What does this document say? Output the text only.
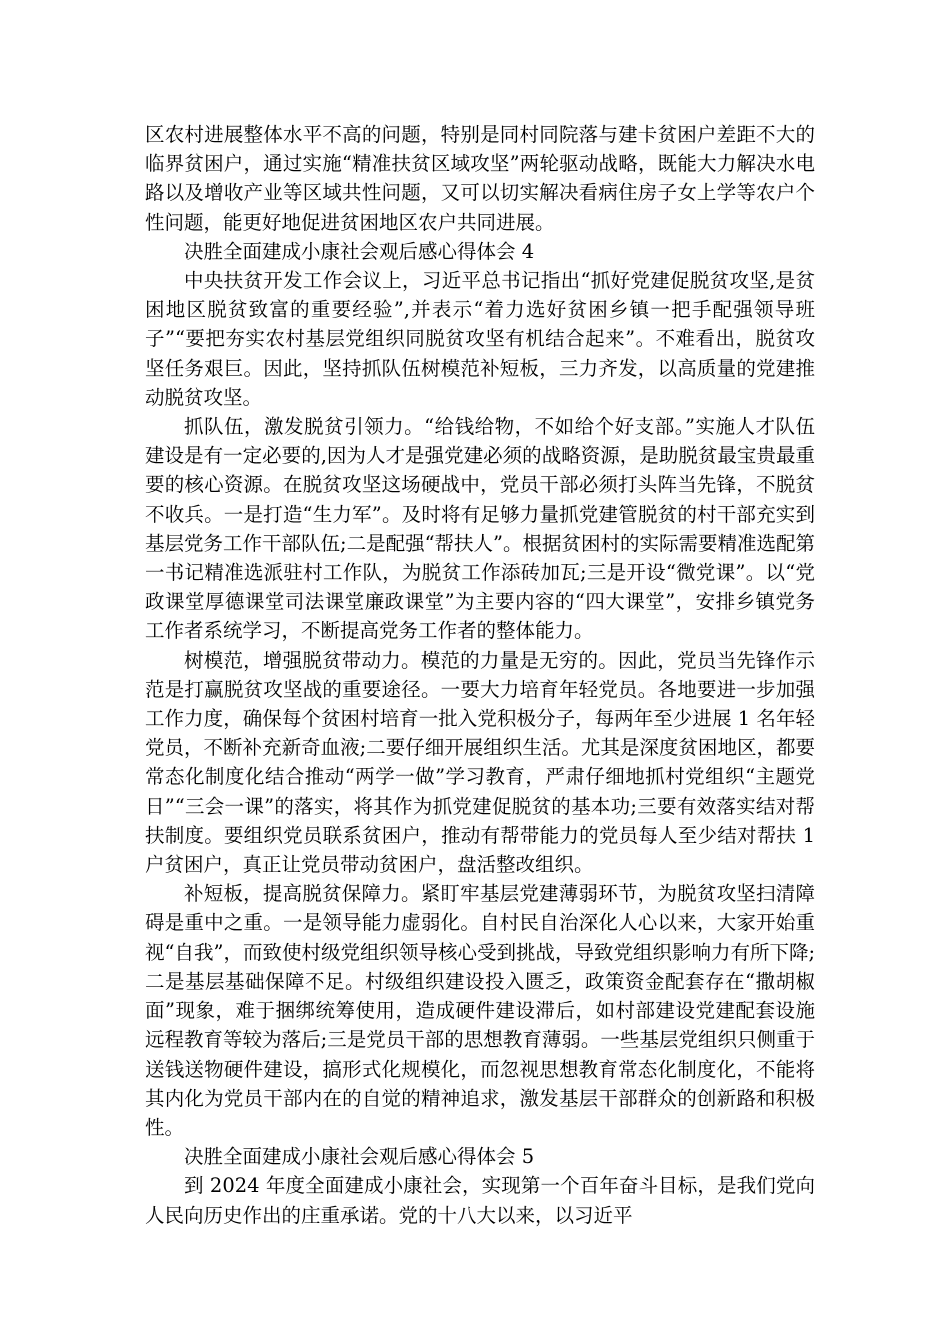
区农村进展整体水平不高的问题，特别是同村同院落与建卡贫困户差距不大的临界贫困户，通过实施“精准扶贫区域攻坚”两轮驱动战略，既能大力解决水电路以及增收产业等区域共性问题，又可以切实解决看病住房子女上学等农户个性问题，能更好地促进贫困地区农户共同进展。

决胜全面建成小康社会观后感心得体会 4

中央扶贫开发工作会议上，习近平总书记指出“抓好党建促脱贫攻坚,是贫困地区脱贫致富的重要经验”,并表示“着力选好贫困乡镇一把手配强领导班子”“要把夯实农村基层党组织同脱贫攻坚有机结合起来”。不难看出，脱贫攻坚任务艰巨。因此，坚持抓队伍树模范补短板，三力齐发，以高质量的党建推动脱贫攻坚。

抓队伍，激发脱贫引领力。“给钱给物，不如给个好支部。”实施人才队伍建设是有一定必要的,因为人才是强党建必须的战略资源，是助脱贫最宝贵最重要的核心资源。在脱贫攻坚这场硬战中，党员干部必须打头阵当先锋，不脱贫不收兵。一是打造“生力军”。及时将有足够力量抓党建管脱贫的村干部充实到基层党务工作干部队伍;二是配强“帮扶人”。根据贫困村的实际需要精准选配第一书记精准选派驻村工作队，为脱贫工作添砖加瓦;三是开设“微党课”。以“党政课堂厚德课堂司法课堂廉政课堂”为主要内容的“四大课堂”，安排乡镇党务工作者系统学习，不断提高党务工作者的整体能力。

树模范，增强脱贫带动力。模范的力量是无穷的。因此，党员当先锋作示范是打赢脱贫攻坚战的重要途径。一要大力培育年轻党员。各地要进一步加强工作力度，确保每个贫困村培育一批入党积极分子，每两年至少进展 1 名年轻党员，不断补充新奇血液;二要仔细开展组织生活。尤其是深度贫困地区，都要常态化制度化结合推动“两学一做”学习教育，严肃仔细地抓村党组织“主题党日”“三会一课”的落实，将其作为抓党建促脱贫的基本功;三要有效落实结对帮扶制度。要组织党员联系贫困户，推动有帮带能力的党员每人至少结对帮扶 1 户贫困户，真正让党员带动贫困户，盘活整改组织。

补短板，提高脱贫保障力。紧盯牢基层党建薄弱环节，为脱贫攻坚扫清障碍是重中之重。一是领导能力虚弱化。自村民自治深化人心以来，大家开始重视“自我”，而致使村级党组织领导核心受到挑战，导致党组织影响力有所下降;二是基层基础保障不足。村级组织建设投入匮乏，政策资金配套存在“撒胡椒面”现象，难于捆绑统筹使用，造成硬件建设滞后，如村部建设党建配套设施远程教育等较为落后;三是党员干部的思想教育薄弱。一些基层党组织只侧重于送钱送物硬件建设，搞形式化规模化，而忽视思想教育常态化制度化，不能将其内化为党员干部内在的自觉的精神追求，激发基层干部群众的创新路和积极性。

决胜全面建成小康社会观后感心得体会 5

到 2024 年度全面建成小康社会，实现第一个百年奋斗目标，是我们党向人民向历史作出的庄重承诺。党的十八大以来，以习近平
